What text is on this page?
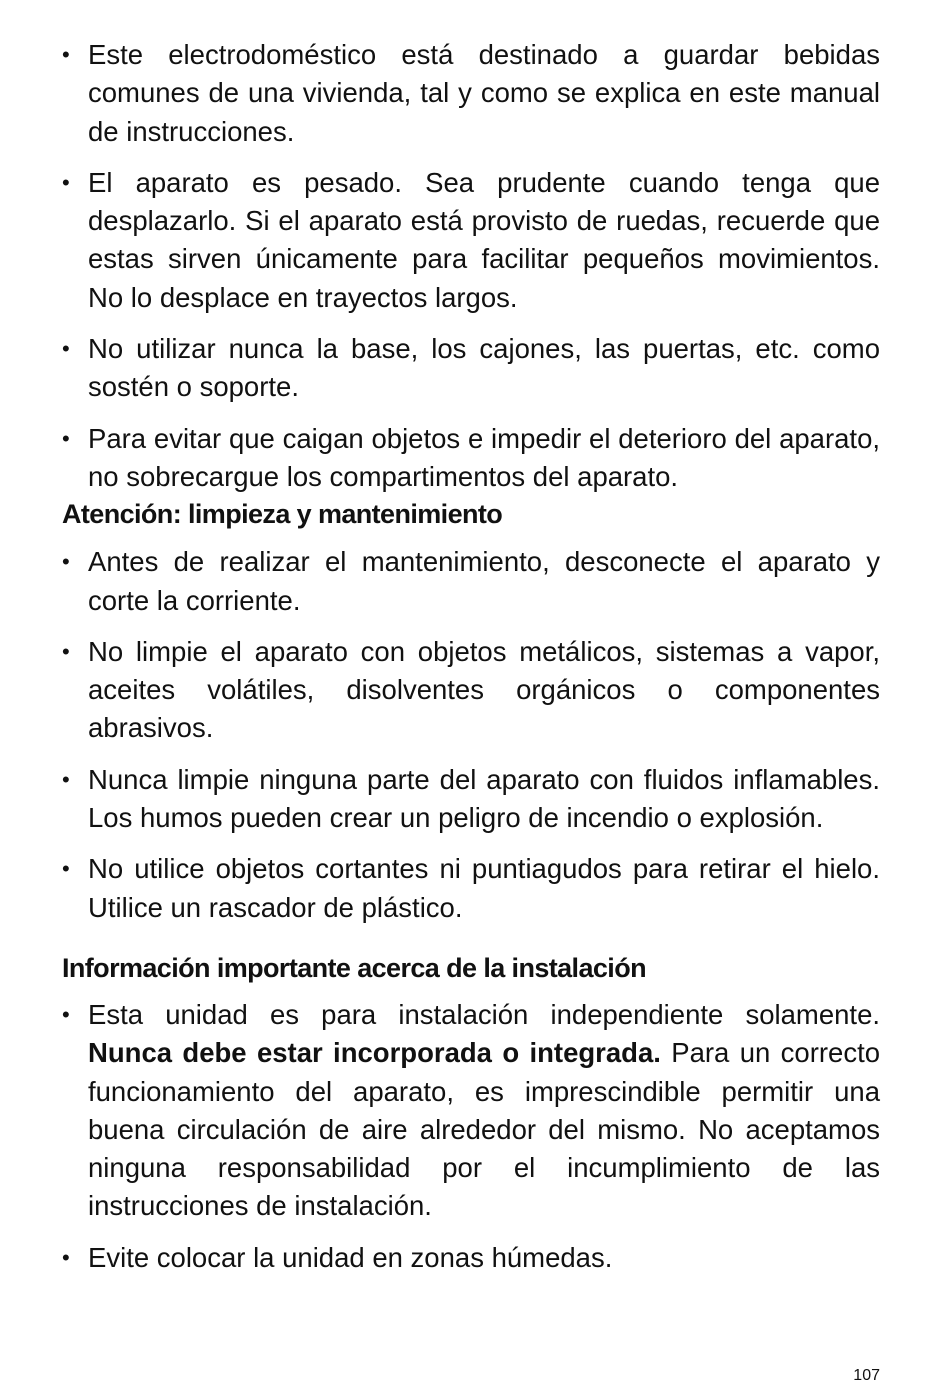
• Este electrodoméstico está destinado a guardar bebidas comunes de una vivienda, tal y como se explica en este manual de instrucciones.
• El aparato es pesado. Sea prudente cuando tenga que desplazarlo. Si el aparato está provisto de ruedas, recuerde que estas sirven únicamente para facilitar pequeños movimientos. No lo desplace en trayectos largos.
• No utilizar nunca la base, los cajones, las puertas, etc. como sostén o soporte.
• Para evitar que caigan objetos e impedir el deterioro del aparato, no sobrecargue los compartimentos del aparato.
Atención: limpieza y mantenimiento
• Antes de realizar el mantenimiento, desconecte el aparato y corte la corriente.
• No limpie el aparato con objetos metálicos, sistemas a vapor, aceites volátiles, disolventes orgánicos o componentes abrasivos.
• Nunca limpie ninguna parte del aparato con fluidos inflamables. Los humos pueden crear un peligro de incendio o explosión.
• No utilice objetos cortantes ni puntiagudos para retirar el hielo. Utilice un rascador de plástico.
Información importante acerca de la instalación
• Esta unidad es para instalación independiente solamente. Nunca debe estar incorporada o integrada. Para un correcto funcionamiento del aparato, es imprescindible permitir una buena circulación de aire alrededor del mismo. No aceptamos ninguna responsabilidad por el incumplimiento de las instrucciones de instalación.
• Evite colocar la unidad en zonas húmedas.
107
